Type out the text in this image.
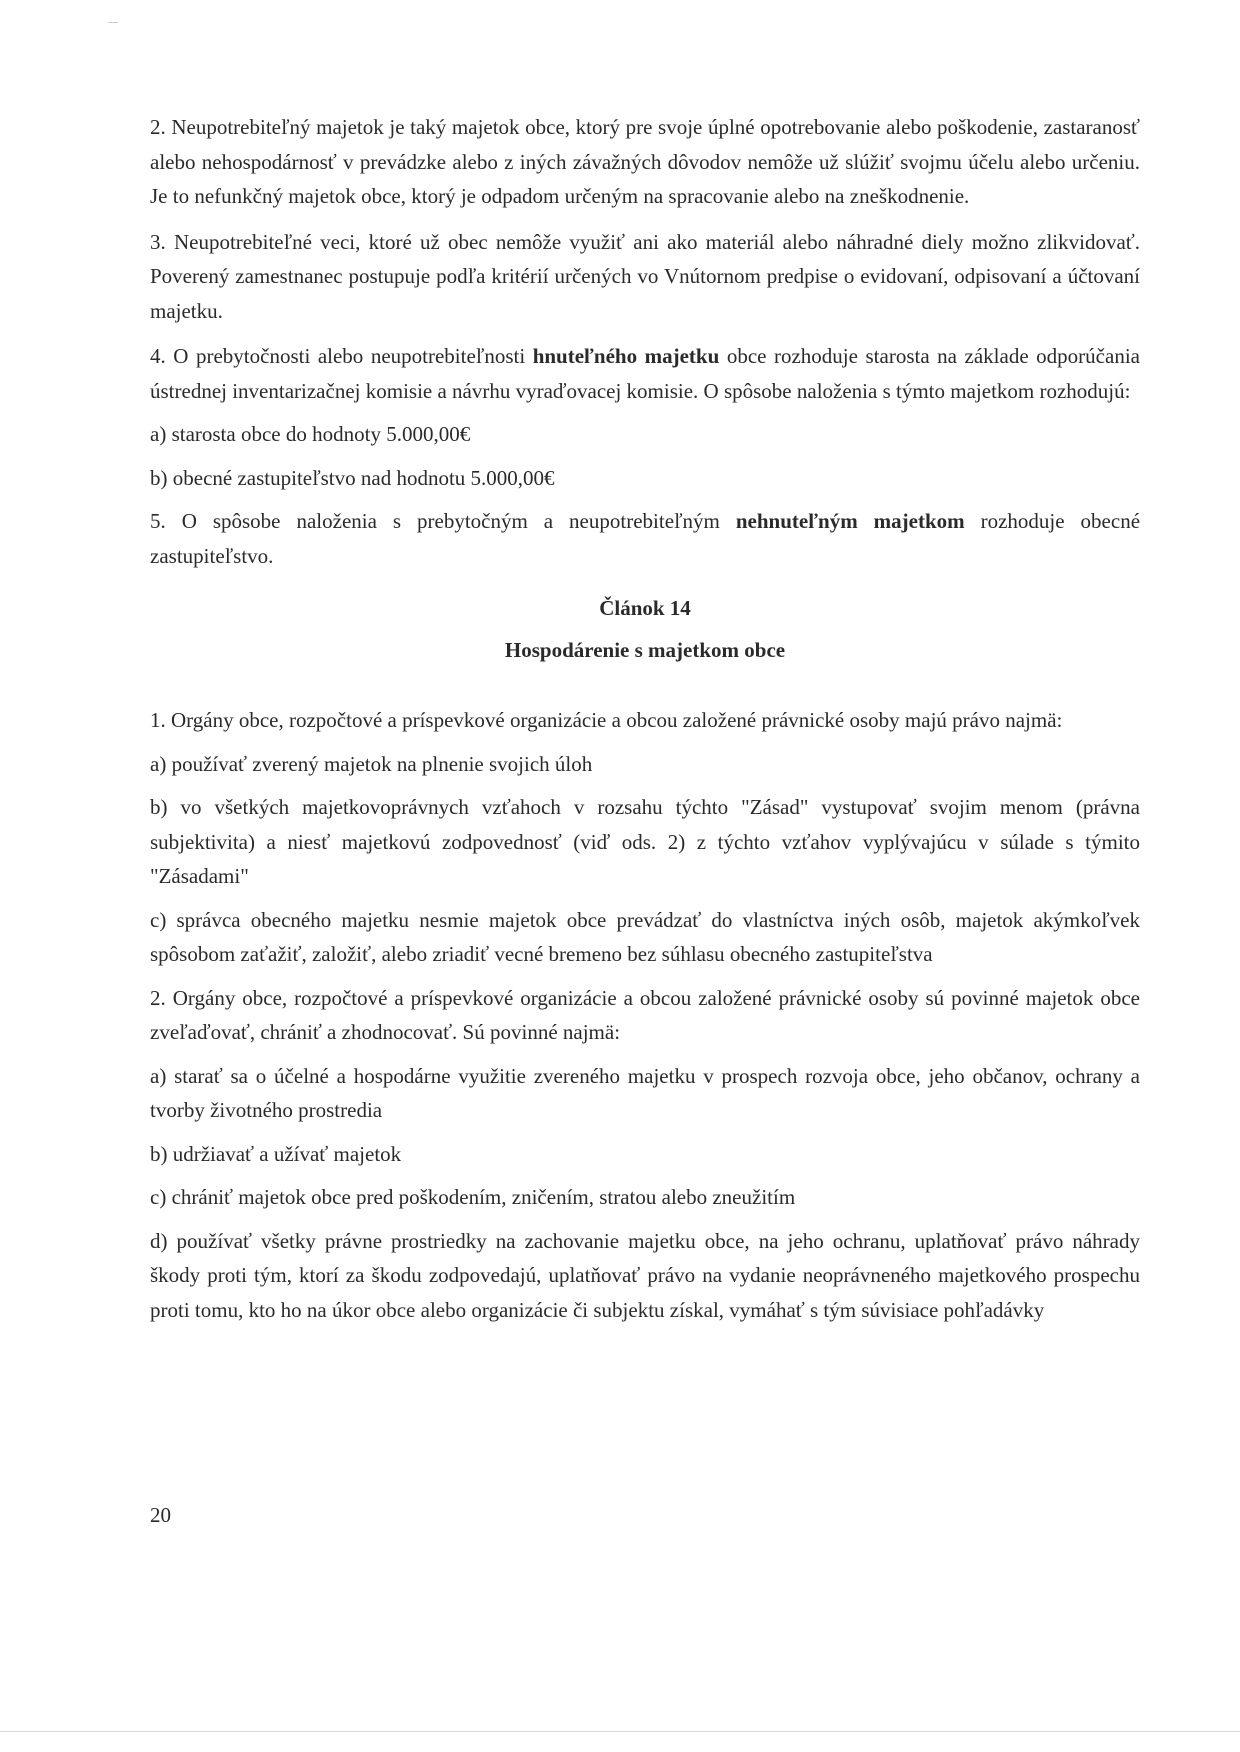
2. Neupotrebiteľný majetok je taký majetok obce, ktorý pre svoje úplné opotrebovanie alebo poškodenie, zastaranosť alebo nehospodárnosť v prevádzke alebo z iných závažných dôvodov nemôže už slúžiť svojmu účelu alebo určeniu. Je to nefunkčný majetok obce, ktorý je odpadom určeným na spracovanie alebo na zneškodnenie.

3. Neupotrebiteľné veci, ktoré už obec nemôže využiť ani ako materiál alebo náhradné diely možno zlikvidovať. Poverený zamestnanec postupuje podľa kritérií určených vo Vnútornom predpise o evidovaní, odpisovaní a účtovaní majetku.

4. O prebytočnosti alebo neupotrebiteľnosti hnuteľného majetku obce rozhoduje starosta na základe odporúčania ústrednej inventarizačnej komisie a návrhu vyraďovacej komisie. O spôsobe naloženia s týmto majetkom rozhodujú:

a) starosta obce do hodnoty 5.000,00€

b) obecné zastupiteľstvo nad hodnotu 5.000,00€

5. O spôsobe naloženia s prebytočným a neupotrebiteľným nehnuteľným majetkom rozhoduje obecné zastupiteľstvo.

Článok 14

Hospodárenie s majetkom obce

1. Orgány obce, rozpočtové a príspevkové organizácie a obcou založené právnické osoby majú právo najmä:

a) používať zverený majetok na plnenie svojich úloh

b) vo všetkých majetkovoprávnych vzťahoch v rozsahu týchto "Zásad" vystupovať svojim menom (právna subjektivita) a niesť majetkovú zodpovednosť (viď ods. 2) z týchto vzťahov vyplývajúcu v súlade s týmito "Zásadami"

c) správca obecného majetku nesmie majetok obce prevádzať do vlastníctva iných osôb, majetok akýmkoľvek spôsobom zaťažiť, založiť, alebo zriadiť vecné bremeno bez súhlasu obecného zastupiteľstva

2. Orgány obce, rozpočtové a príspevkové organizácie a obcou založené právnické osoby sú povinné majetok obce zveľaďovať, chrániť a zhodnocovať. Sú povinné najmä:

a) starať sa o účelné a hospodárne využitie zvereného majetku v prospech rozvoja obce, jeho občanov, ochrany a tvorby životného prostredia

b) udržiavať a užívať majetok

c) chrániť majetok obce pred poškodením, zničením, stratou alebo zneužitím

d) používať všetky právne prostriedky na zachovanie majetku obce, na jeho ochranu, uplatňovať právo náhrady škody proti tým, ktorí za škodu zodpovedajú, uplatňovať právo na vydanie neoprávneného majetkového prospechu proti tomu, kto ho na úkor obce alebo organizácie či subjektu získal, vymáhať s tým súvisiace pohľadávky

20
